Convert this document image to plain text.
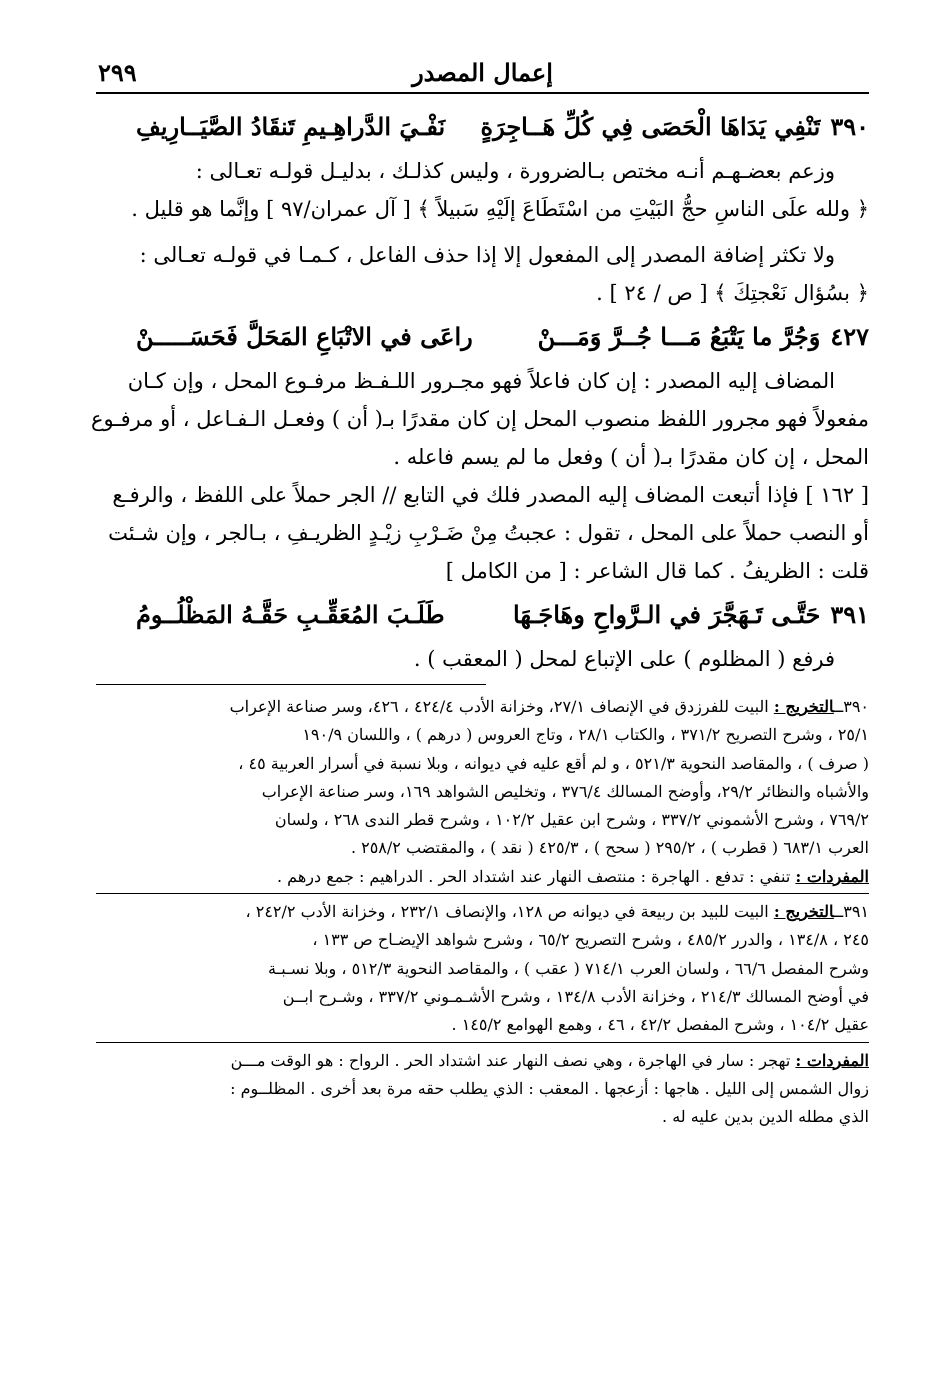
إعمال المصدر
٢٩٩
٣٩٠
تَنْفِي يَدَاهَا الْحَصَى فِي كُلِّ هَــاجِرَةٍ
نَفْـيَ الدَّراهِـيمِ تَنقَادُ الصَّيَــارِيفِ
وزعم بعضـهـم أنـه مختص بـالضرورة ، وليس كذلـك ، بدليـل قولـه تعـالى :
﴿ ولله علَى الناسِ حجُّ البَيْتِ من اسْتَطَاعَ إلَيْهِ سَبيلاً ﴾ [ آل عمران/٩٧ ] وإنَّما هو قليل .
ولا تكثر إضافة المصدر إلى المفعول إلا إذا حذف الفاعل ، كـمـا في قولـه تعـالى :
﴿ بسُؤال نَعْجتِكَ ﴾ [ ص / ٢٤ ] .
٤٢٧
وَجُرَّ ما يَتْبَعُ مَـــا جُــرَّ وَمَـــنْ
راعَى في الاتْبَاعِ المَحَلَّ فَحَسَـــــنْ
المضاف إليه المصدر : إن كان فاعلاً فهو مجـرور اللـفـظ مرفـوع المحل ، وإن كـان
مفعولاً فهو مجرور اللفظ منصوب المحل إن كان مقدرًا بـ( أن ) وفعـل الـفـاعل ، أو مرفـوع
المحل ، إن كان مقدرًا بـ( أن ) وفعل ما لم يسم فاعله .
[ ١٦٢ ] فإذا أتبعت المضاف إليه المصدر فلك في التابع // الجر حملاً على اللفظ ، والرفـع
أو النصب حملاً على المحل ، تقول : عجبتُ مِنْ ضَـرْبِ زيْـدٍ الظريـفِ ، بـالجر ، وإن شـئت
قلت : الظريفُ . كما قال الشاعر : [ من الكامل ]
٣٩١
حَتَّـى تَـهَجَّرَ في الـرَّواحِ وهَاجَـهَا
طَلَـبَ المُعَقِّـبِ حَقَّـهُ المَظْلُــومُ
فرفع ( المظلوم ) على الإتباع لمحل ( المعقب ) .
٣٩٠ــالتخريج : البيت للفرزدق في الإنصاف ٢٧/١، وخزانة الأدب ٤٢٤/٤ ، ٤٢٦، وسر صناعة الإعراب
٢٥/١ ، وشرح التصريح ٣٧١/٢ ، والكتاب ٢٨/١ ، وتاج العروس ( درهم ) ، واللسان ١٩٠/٩
( صرف ) ، والمقاصد النحوية ٥٢١/٣ ، و لم أقع عليه في ديوانه ، وبلا نسبة في أسرار العربية ٤٥ ،
والأشباه والنظائر ٢٩/٢، وأوضح المسالك ٣٧٦/٤ ، وتخليص الشواهد ١٦٩، وسر صناعة الإعراب
٧٦٩/٢ ، وشرح الأشموني ٣٣٧/٢ ، وشرح ابن عقيل ١٠٢/٢ ، وشرح قطر الندى ٢٦٨ ، ولسان
العرب ٦٨٣/١ ( قطرب ) ، ٢٩٥/٢ ( سحح ) ، ٤٢٥/٣ ( نقد ) ، والمقتضب ٢٥٨/٢ .
المفردات : تنفي : تدفع . الهاجرة : منتصف النهار عند اشتداد الحر . الدراهيم : جمع درهم .
٣٩١ــالتخريج : البيت للبيد بن ربيعة في ديوانه ص ١٢٨، والإنصاف ٢٣٢/١ ، وخزانة الأدب ٢٤٢/٢ ،
٢٤٥ ، ١٣٤/٨ ، والدرر ٤٨٥/٢ ، وشرح التصريح ٦٥/٢ ، وشرح شواهد الإيضـاح ص ١٣٣ ،
وشرح المفصل ٦٦/٦ ، ولسان العرب ٧١٤/١ ( عقب ) ، والمقاصد النحوية ٥١٢/٣ ، وبلا نسـبـة
في أوضح المسالك ٢١٤/٣ ، وخزانة الأدب ١٣٤/٨ ، وشرح الأشـمـوني ٣٣٧/٢ ، وشـرح ابــن
عقيل ١٠٤/٢ ، وشرح المفصل ٤٢/٢ ، ٤٦ ، وهمع الهوامع ١٤٥/٢ .
المفردات : تهجر : سار في الهاجرة ، وهي نصف النهار عند اشتداد الحر . الرواح : هو الوقت مـــن
زوال الشمس إلى الليل . هاجها : أزعجها . المعقب : الذي يطلب حقه مرة بعد أخرى . المظلــوم :
الذي مطله الدين بدين عليه له .
